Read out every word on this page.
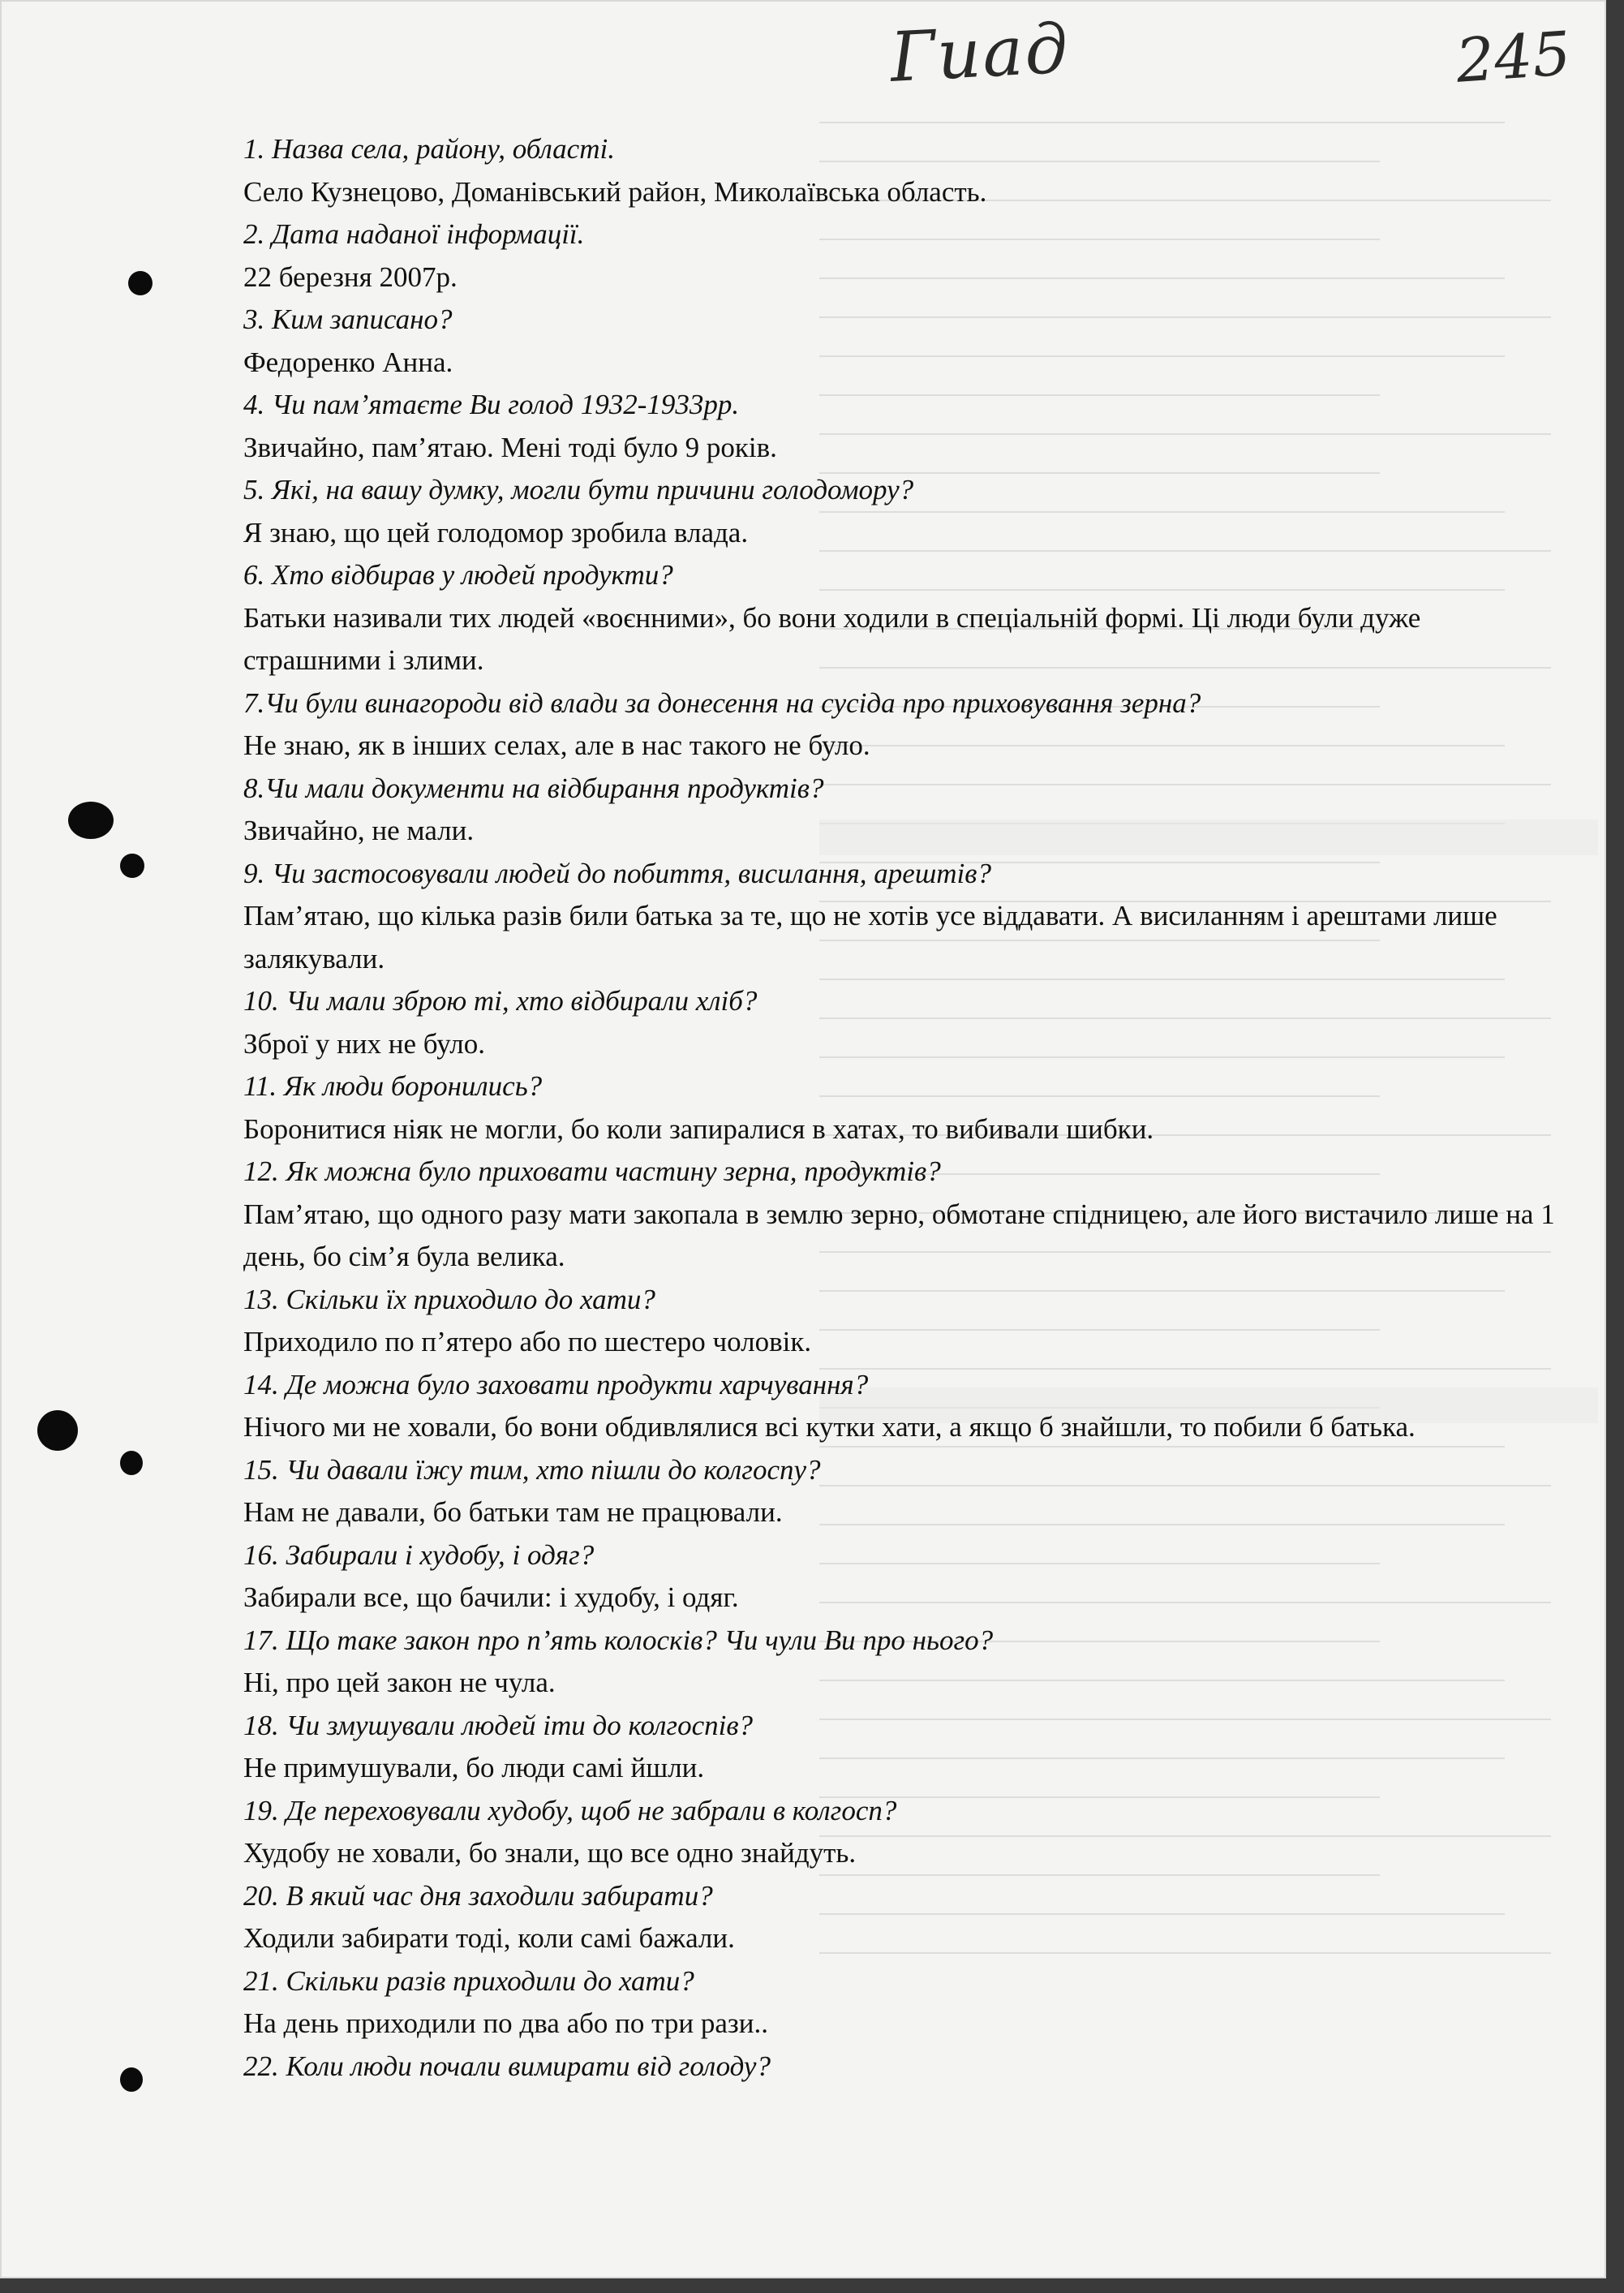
Гиад	245

1. Назва села, району, області.

Село Кузнецово, Доманівський район, Миколаївська область.

2. Дата наданої інформації.

22 березня 2007р.

3. Ким записано?

Федоренко Анна.

4. Чи пам’ятаєте Ви голод 1932-1933рр.

Звичайно, пам’ятаю. Мені тоді було 9 років.

5. Які, на вашу думку, могли бути причини голодомору?

Я знаю, що цей голодомор зробила влада.

6. Хто відбирав у людей продукти?

Батьки називали тих людей «воєнними», бо вони ходили в спеціальній формі. Ці люди були дуже страшними і злими.

7.Чи були винагороди від влади за донесення на сусіда про приховування зерна?

Не знаю, як в інших селах, але в нас такого не було.

8.Чи мали документи на відбирання продуктів?

Звичайно, не мали.

9. Чи застосовували людей до побиття, висилання, арештів?

Пам’ятаю, що кілька разів били батька за те, що не хотів усе віддавати. А висиланням і арештами лише залякували.

10. Чи мали зброю ті, хто відбирали хліб?

Зброї у них не було.

11. Як люди боронились?

Боронитися ніяк не могли, бо коли запиралися в хатах, то вибивали шибки.

12. Як можна було приховати частину зерна, продуктів?

Пам’ятаю, що одного разу мати закопала в землю зерно, обмотане спідницею, але його вистачило лише на 1 день, бо сім’я була велика.

13. Скільки їх приходило до хати?

Приходило по п’ятеро або по шестеро чоловік.

14. Де можна було заховати продукти харчування?

Нічого ми не ховали, бо вони обдивлялися всі кутки хати, а якщо б знайшли, то побили б батька.

15. Чи давали їжу тим, хто пішли до колгоспу?

Нам не давали, бо батьки там не працювали.

16. Забирали і худобу, і одяг?

Забирали все, що бачили: і худобу, і одяг.

17. Що таке закон про п’ять колосків? Чи чули Ви про нього?

Ні, про цей закон не чула.

18. Чи змушували людей іти до колгоспів?

Не примушували, бо люди самі йшли.

19. Де переховували худобу, щоб не забрали в колгосп?

Худобу не ховали, бо знали, що все одно знайдуть.

20. В який час дня заходили забирати?

Ходили забирати тоді, коли самі бажали.

21. Скільки разів приходили до хати?

На день приходили по два або по три рази..

22. Коли люди почали вимирати від голоду?
